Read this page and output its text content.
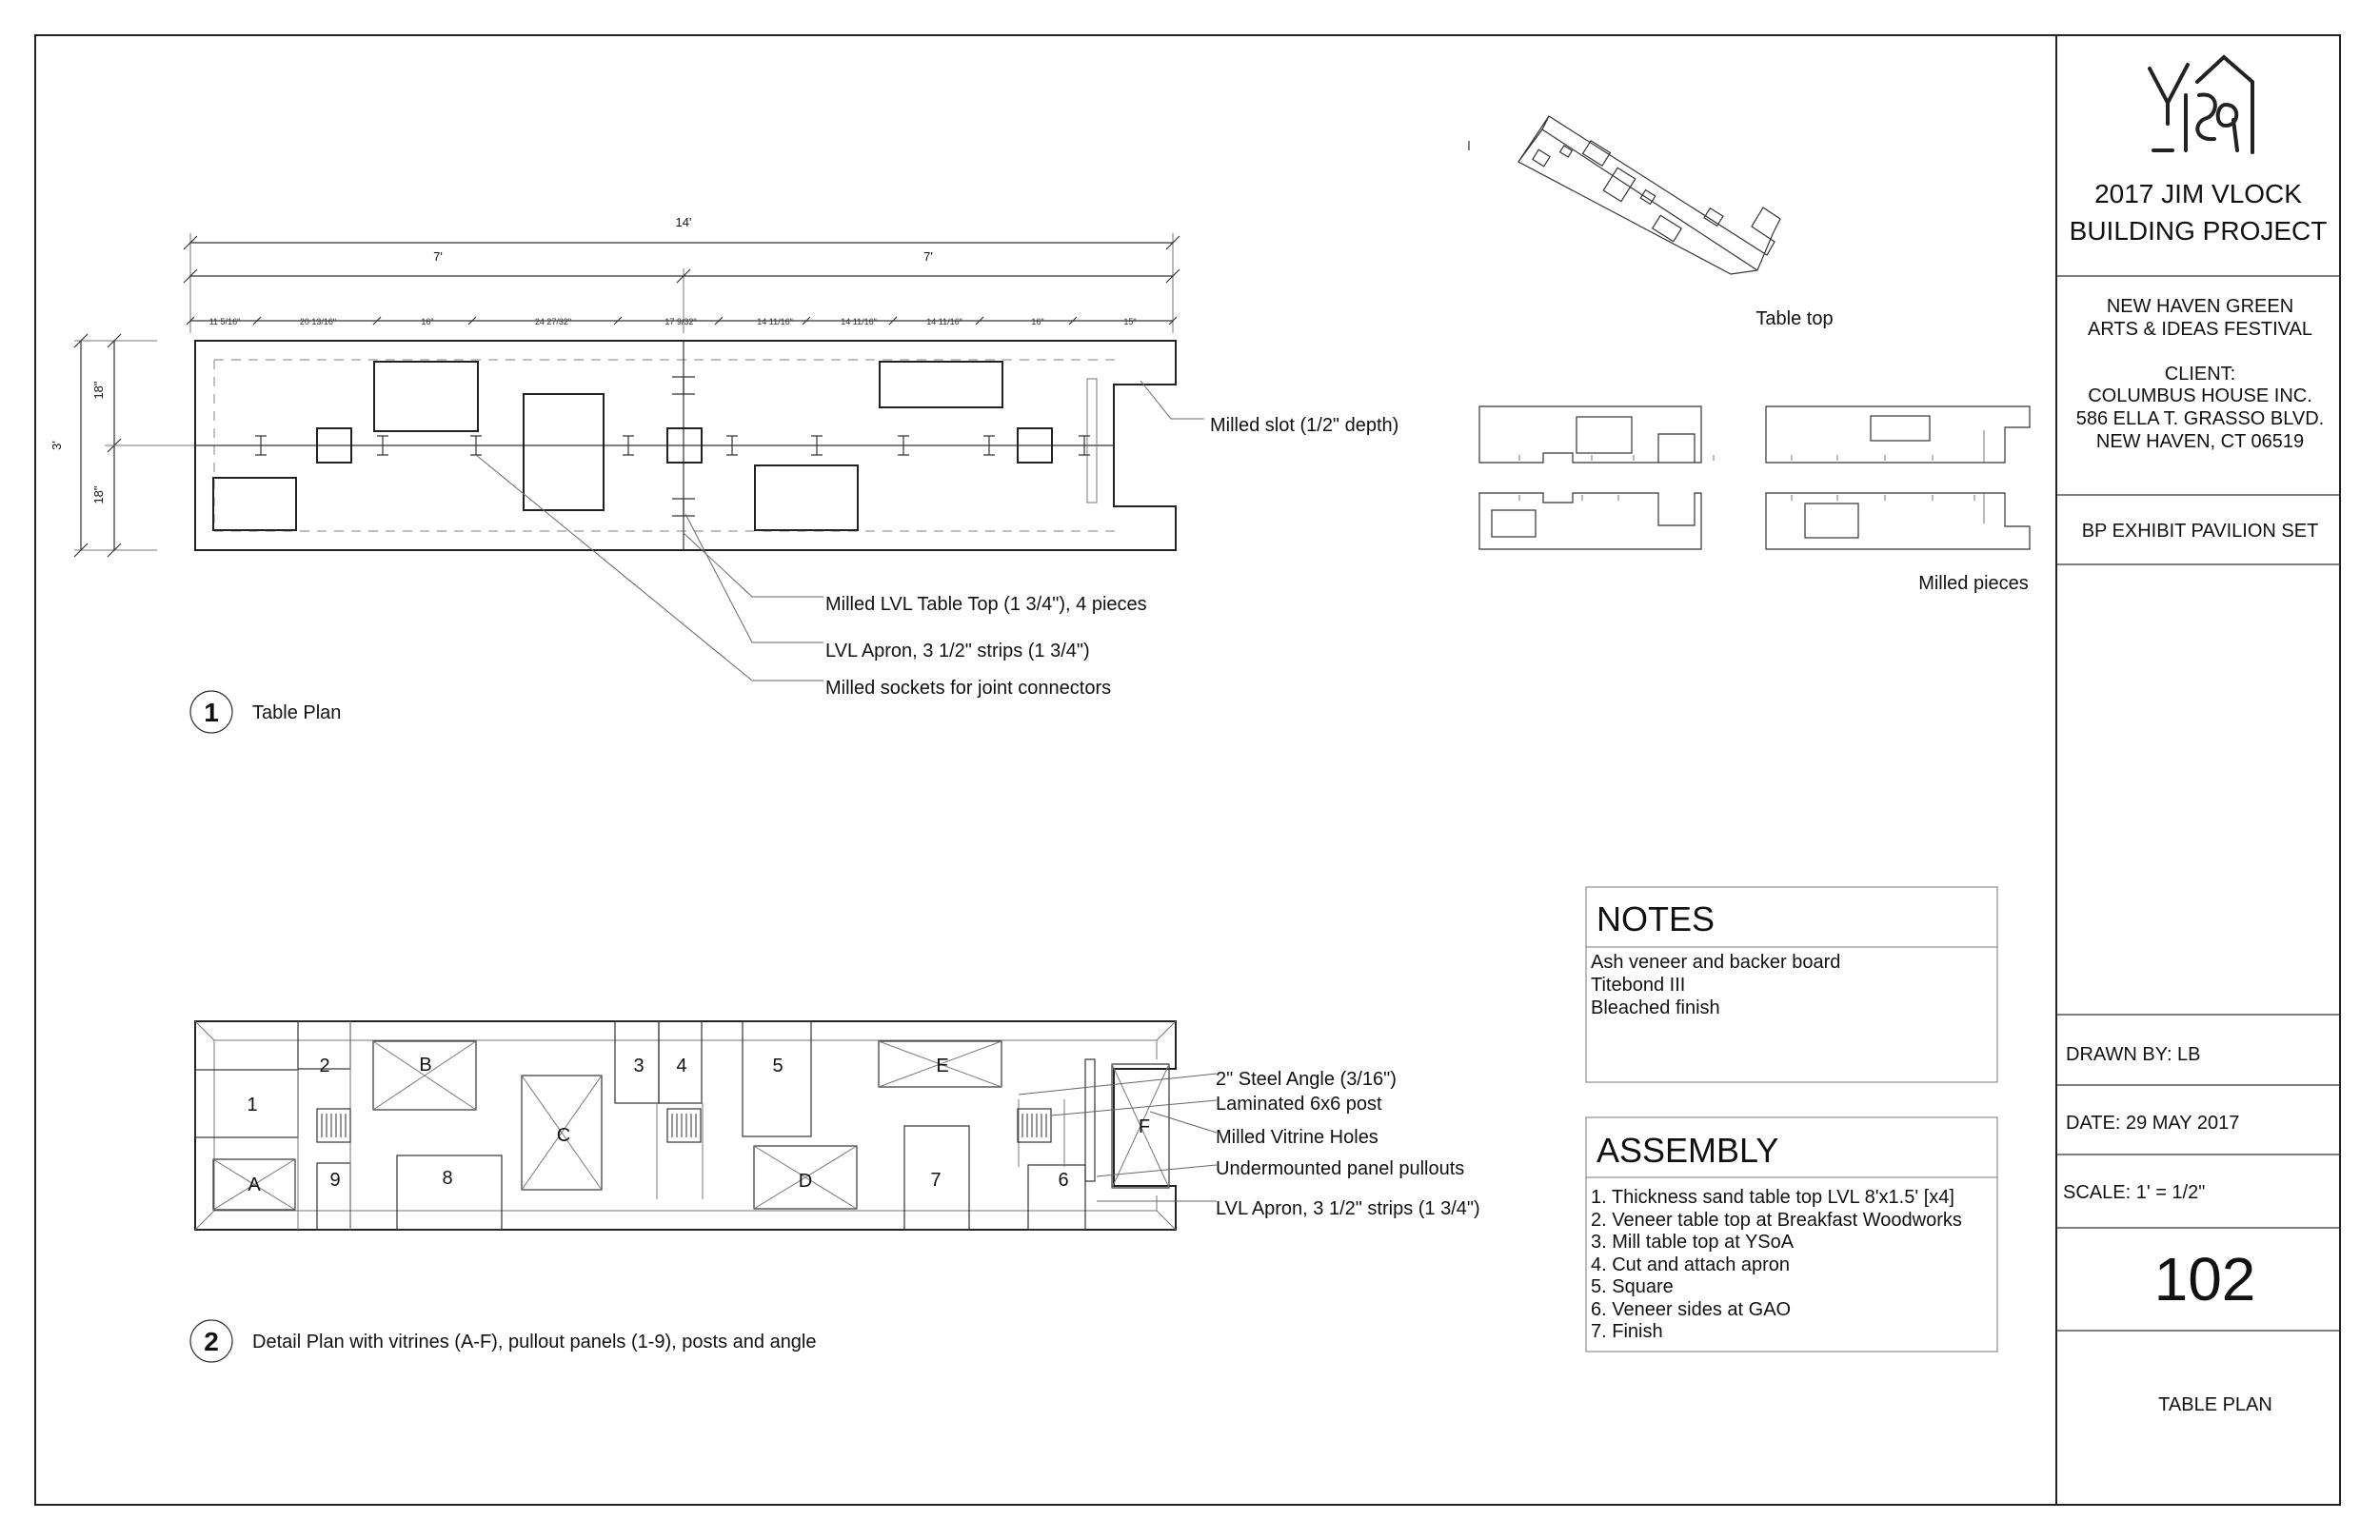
2017 JIM VLOCK
BUILDING PROJECT
NEW HAVEN GREEN
ARTS & IDEAS FESTIVAL
CLIENT:
COLUMBUS HOUSE INC.
586 ELLA T. GRASSO BLVD.
NEW HAVEN, CT 06519
BP EXHIBIT PAVILION SET
DRAWN BY: LB
DATE: 29 MAY 2017
SCALE: 1' = 1/2"
102
TABLE PLAN
14'
7'	7'
11 5/16"	20 13/16"	16"	24 27/32"	17 9/32"	14 11/16"	14 11/16"	14 11/16"	16"	15"
3'
18"
18"
Milled slot (1/2" depth)
Milled LVL Table Top (1 3/4"), 4 pieces
LVL Apron, 3 1/2" strips (1 3/4")
Milled sockets for joint connectors
1 Table Plan
Table top
Milled pieces
A
B
C
D
E
F
1
2	3 4	5
6
7
8
9
2" Steel Angle (3/16")
Laminated 6x6 post
Milled Vitrine Holes
Undermounted panel pullouts
LVL Apron, 3 1/2" strips (1 3/4")
2 Detail Plan with vitrines (A-F), pullout panels (1-9), posts and angle
NOTES
Ash veneer and backer board
Titebond III
Bleached finish
ASSEMBLY
1. Thickness sand table top LVL 8'x1.5' [x4]
2. Veneer table top at Breakfast Woodworks
3. Mill table top at YSoA
4. Cut and attach apron
5. Square
6. Veneer sides at GAO
7. Finish
